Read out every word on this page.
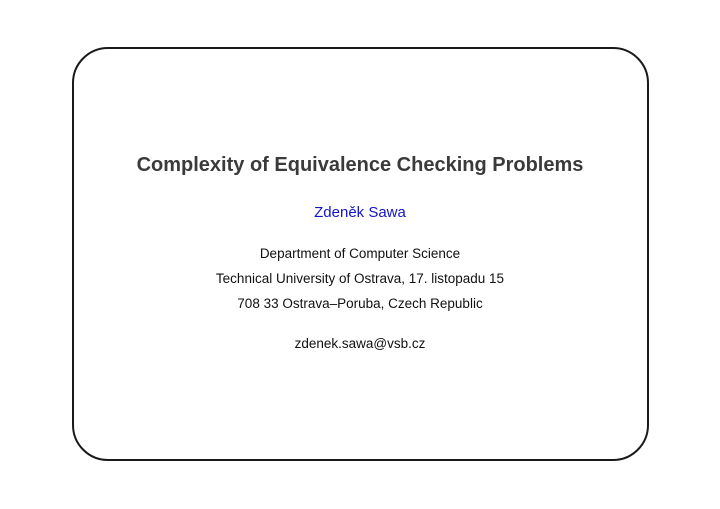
Complexity of Equivalence Checking Problems
Zdeněk Sawa
Department of Computer Science
Technical University of Ostrava, 17. listopadu 15
708 33 Ostrava–Poruba, Czech Republic
zdenek.sawa@vsb.cz
